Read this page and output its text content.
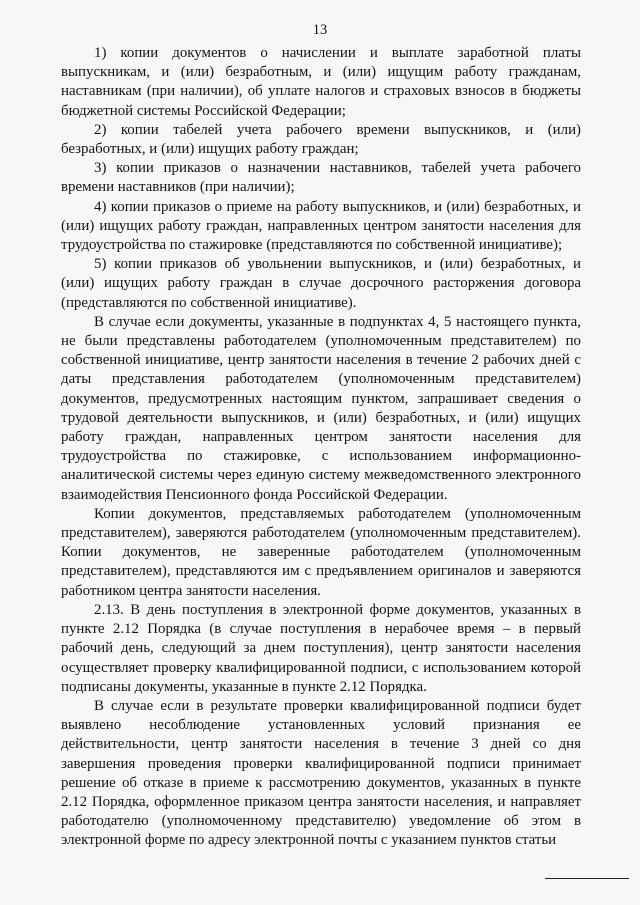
13

1) копии документов о начислении и выплате заработной платы выпускникам, и (или) безработным, и (или) ищущим работу гражданам, наставникам (при наличии), об уплате налогов и страховых взносов в бюджеты бюджетной системы Российской Федерации;

2) копии табелей учета рабочего времени выпускников, и (или) безработных, и (или) ищущих работу граждан;

3) копии приказов о назначении наставников, табелей учета рабочего времени наставников (при наличии);

4) копии приказов о приеме на работу выпускников, и (или) безработных, и (или) ищущих работу граждан, направленных центром занятости населения для трудоустройства по стажировке (представляются по собственной инициативе);

5) копии приказов об увольнении выпускников, и (или) безработных, и (или) ищущих работу граждан в случае досрочного расторжения договора (представляются по собственной инициативе).

В случае если документы, указанные в подпунктах 4, 5 настоящего пункта, не были представлены работодателем (уполномоченным представителем) по собственной инициативе, центр занятости населения в течение 2 рабочих дней с даты представления работодателем (уполномоченным представителем) документов, предусмотренных настоящим пунктом, запрашивает сведения о трудовой деятельности выпускников, и (или) безработных, и (или) ищущих работу граждан, направленных центром занятости населения для трудоустройства по стажировке, с использованием информационно-аналитической системы через единую систему межведомственного электронного взаимодействия Пенсионного фонда Российской Федерации.

Копии документов, представляемых работодателем (уполномоченным представителем), заверяются работодателем (уполномоченным представителем). Копии документов, не заверенные работодателем (уполномоченным представителем), представляются им с предъявлением оригиналов и заверяются работником центра занятости населения.

2.13. В день поступления в электронной форме документов, указанных в пункте 2.12 Порядка (в случае поступления в нерабочее время – в первый рабочий день, следующий за днем поступления), центр занятости населения осуществляет проверку квалифицированной подписи, с использованием которой подписаны документы, указанные в пункте 2.12 Порядка.

В случае если в результате проверки квалифицированной подписи будет выявлено несоблюдение установленных условий признания ее действительности, центр занятости населения в течение 3 дней со дня завершения проведения проверки квалифицированной подписи принимает решение об отказе в приеме к рассмотрению документов, указанных в пункте 2.12 Порядка, оформленное приказом центра занятости населения, и направляет работодателю (уполномоченному представителю) уведомление об этом в электронной форме по адресу электронной почты с указанием пунктов статьи
